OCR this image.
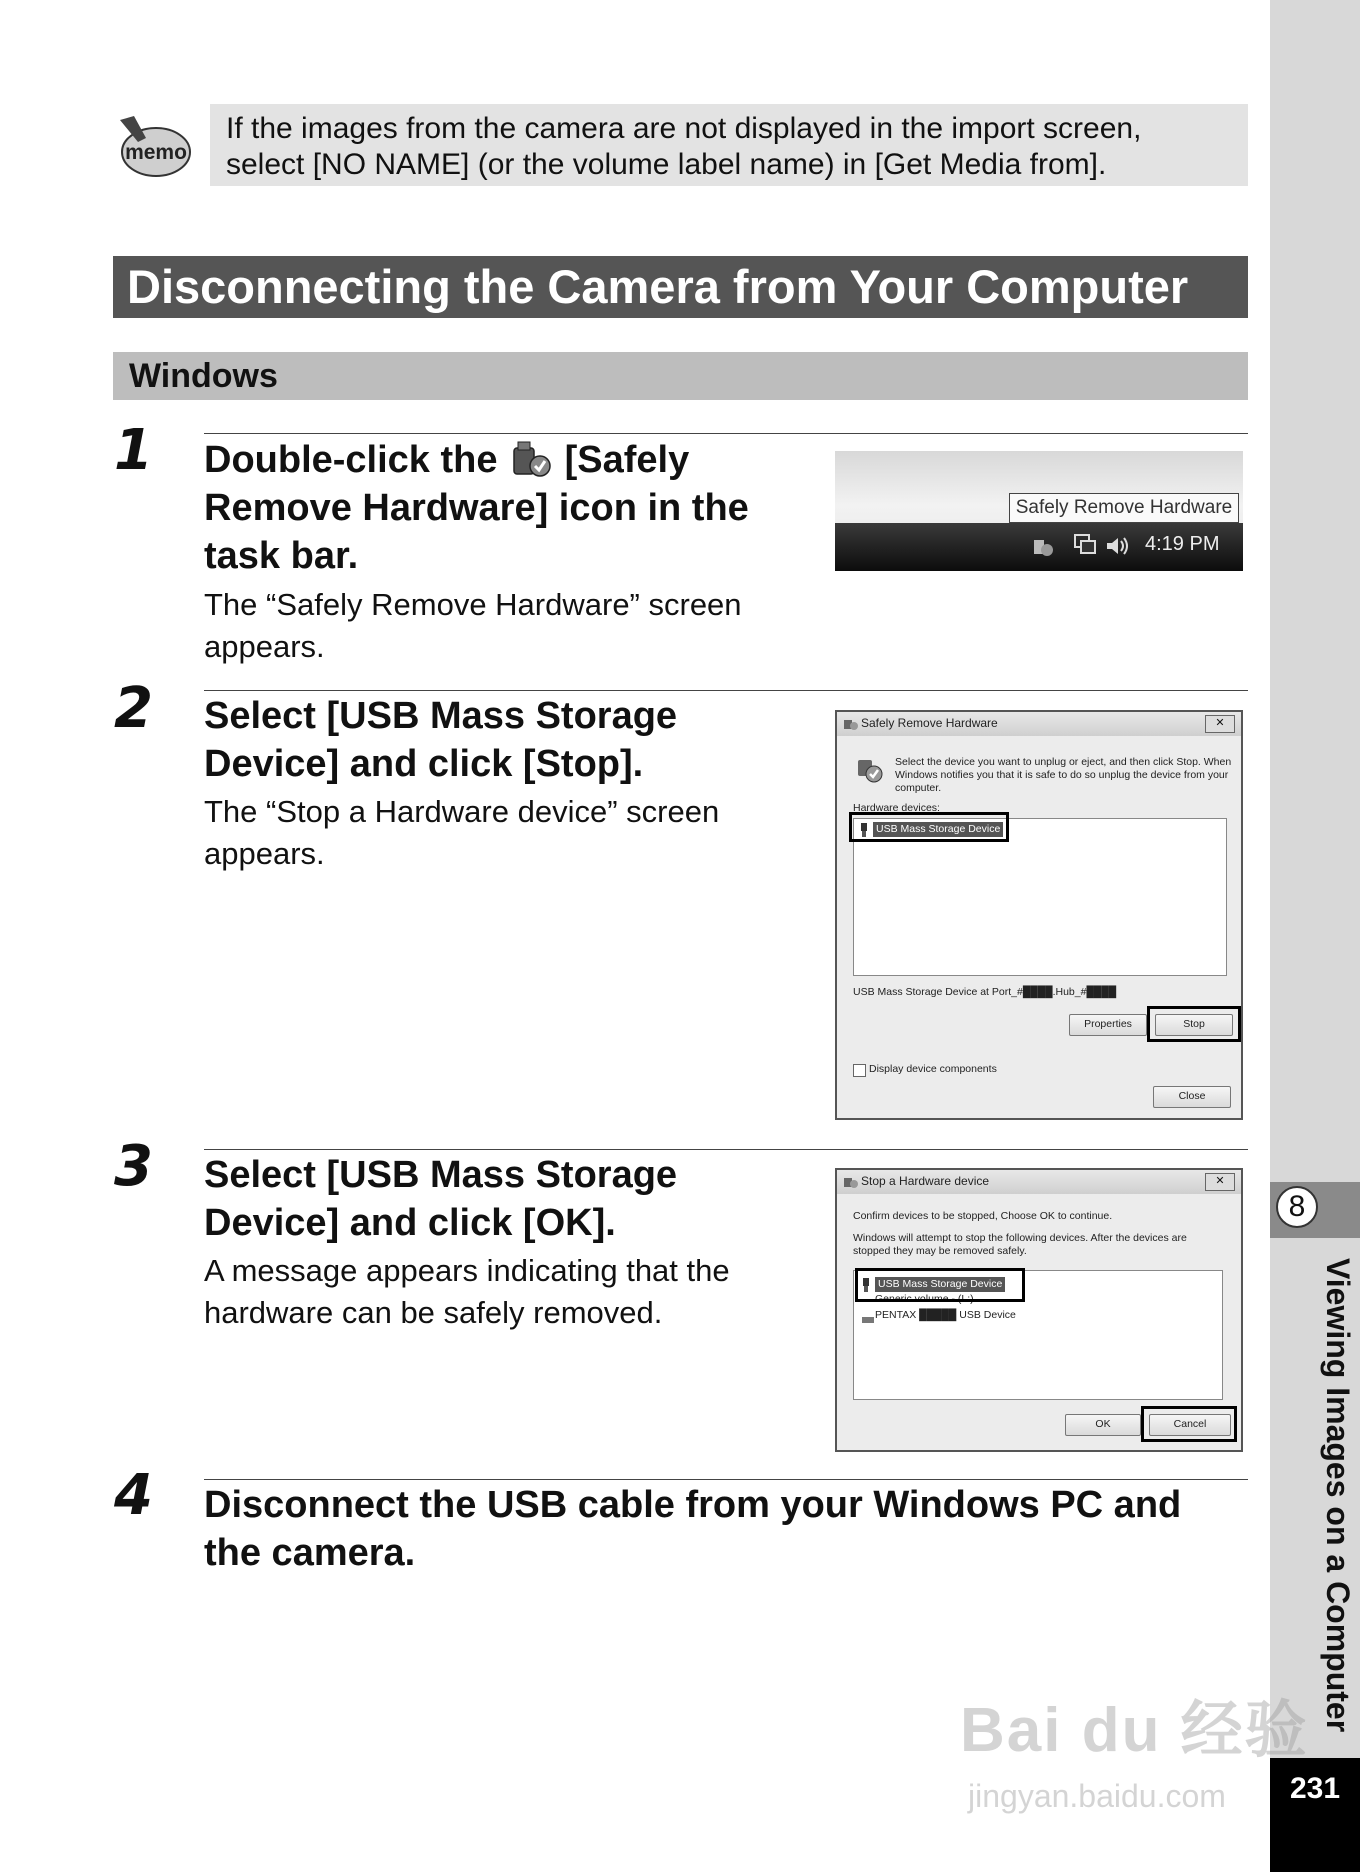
8
Viewing Images on a Computer
231
memo
If the images from the camera are not displayed in the import screen,
select [NO NAME] (or the volume label name) in [Get Media from].
Disconnecting the Camera from Your Computer
Windows
1 Double-click the [Safely
Remove Hardware] icon in the
task bar.
The “Safely Remove Hardware” screen
appears.
Safely Remove Hardware
4:19 PM
2 Select [USB Mass Storage
Device] and click [Stop].
The “Stop a Hardware device” screen
appears.
Safely Remove Hardware	✕
Select the device you want to unplug or eject, and then click Stop. When
Windows notifies you that it is safe to do so unplug the device from your
computer.
Hardware devices:
USB Mass Storage Device
USB Mass Storage Device at Port_#████.Hub_#████
Properties	Stop
Display device components
Close
3 Select [USB Mass Storage
Device] and click [OK].
A message appears indicating that the
hardware can be safely removed.
Stop a Hardware device	✕
Confirm devices to be stopped, Choose OK to continue.
Windows will attempt to stop the following devices. After the devices are
stopped they may be removed safely.
USB Mass Storage Device
Generic volume - (L:)
PENTAX █████ USB Device
OK	Cancel
4 Disconnect the USB cable from your Windows PC and
the camera.
Bai du 经验
jingyan.baidu.com
